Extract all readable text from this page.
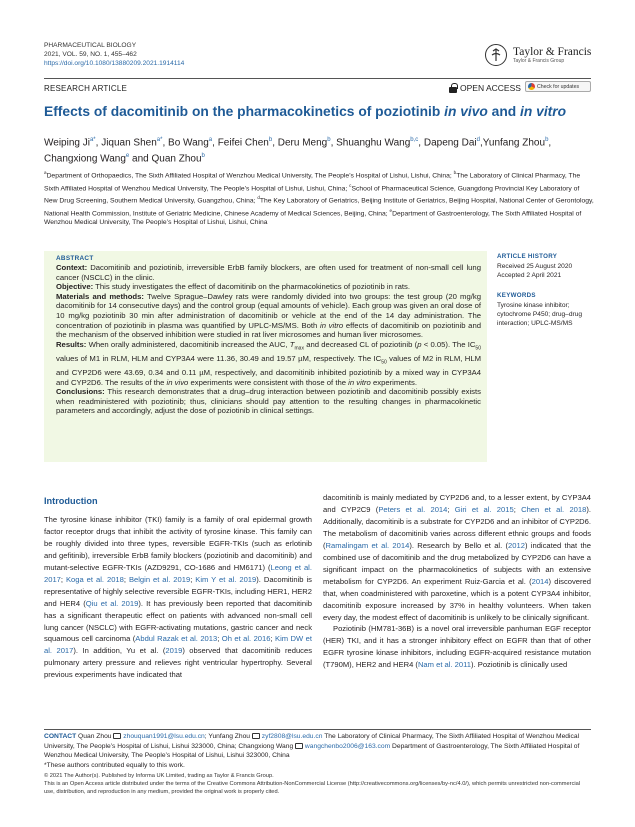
PHARMACEUTICAL BIOLOGY
2021, VOL. 59, NO. 1, 455–462
https://doi.org/10.1080/13880209.2021.1914114
Taylor & Francis
Taylor & Francis Group
RESEARCH ARTICLE	OPEN ACCESS	Check for updates
Effects of dacomitinib on the pharmacokinetics of poziotinib in vivo and in vitro
Weiping $Ji^{a*}$, Jiquan Shen$^{a*}$, Bo Wang$^a$, Feifei Chen$^b$, Deru Meng$^b$, Shuanghu Wang$^{b,c}$, Dapeng Dai$^d$,Yunfang Zhou$^b$, Changxiong Wang$^e$ and Quan Zhou$^b$
$^a$Department of Orthopaedics, The Sixth Affiliated Hospital of Wenzhou Medical University, The People’s Hospital of Lishui, Lishui, China; $^b$The Laboratory of Clinical Pharmacy, The Sixth Affiliated Hospital of Wenzhou Medical University, The People’s Hospital of Lishui, Lishui, China; $^c$School of Pharmaceutical Science, Guangdong Provincial Key Laboratory of New Drug Screening, Southern Medical University, Guangzhou, China; $^d$The Key Laboratory of Geriatrics, Beijing Institute of Geriatrics, Beijing Hospital, National Center of Gerontology, National Health Commission, Institute of Geriatric Medicine, Chinese Academy of Medical Sciences, Beijing, China; $^e$Department of Gastroenterology, The Sixth Affiliated Hospital of Wenzhou Medical University, The People’s Hospital of Lishui, Lishui, China
ABSTRACT

Context: Dacomitinib and poziotinib, irreversible ErbB family blockers, are often used for treatment of non-small cell lung cancer (NSCLC) in the clinic.

Objective: This study investigates the effect of dacomitinib on the pharmacokinetics of poziotinib in rats.

Materials and methods: Twelve Sprague–Dawley rats were randomly divided into two groups: the test group (20 mg/kg dacomitinib for 14 consecutive days) and the control group (equal amounts of vehicle). Each group was given an oral dose of 10 mg/kg poziotinib 30 min after administration of dacomitinib or vehicle at the end of the 14 day administration. The concentration of poziotinib in plasma was quantified by UPLC-MS/MS. Both in vitro effects of dacomitinib on poziotinib and the mechanism of the observed inhibition were studied in rat liver microsomes and human liver microsomes.

Results: When orally administered, dacomitinib increased the AUC, $T_{max}$ and decreased CL of poziotinib (p < 0.05). The $IC_{50}$ values of M1 in RLM, HLM and CYP3A4 were 11.36, 30.49 and 19.57 µM, respectively. The $IC_{50}$ values of M2 in RLM, HLM and CYP2D6 were 43.69, 0.34 and 0.11 µM, respectively, and dacomitinib inhibited poziotinib by a mixed way in CYP3A4 and CYP2D6. The results of the in vivo experiments were consistent with those of the in vitro experiments.

Conclusions: This research demonstrates that a drug–drug interaction between poziotinib and dacomitinib possibly exists when readministered with poziotinib; thus, clinicians should pay attention to the resulting changes in pharmacokinetic parameters and accordingly, adjust the dose of poziotinib in clinical settings.

ARTICLE HISTORY
Received 25 August 2020
Accepted 2 April 2021
KEYWORDS
Tyrosine kinase inhibitor; cytochrome P450; drug–drug interaction; UPLC-MS/MS
Introduction

The tyrosine kinase inhibitor (TKI) family is a family of oral epidermal growth factor receptor drugs that inhibit the activity of tyrosine kinase. This family can be roughly divided into three types, reversible EGFR-TKIs (such as erlotinib and gefitinib), irreversible ErbB family blockers (poziotinib and dacomitinib) and mutant-selective EGFR-TKIs (AZD9291, CO-1686 and HM6171) (Leong et al. 2017; Koga et al. 2018; Belgin et al. 2019; Kim Y et al. 2019). Dacomitinib is representative of highly selective reversible EGFR-TKIs, including HER1, HER2 and HER4 (Qiu et al. 2019). It has previously been reported that dacomitinib has a significant therapeutic effect on patients with advanced non-small cell lung cancer (NSCLC) with EGFR-activating mutations, gastric cancer and neck squamous cell carcinoma (Abdul Razak et al. 2013; Oh et al. 2016; Kim DW et al. 2017). In addition, Yu et al. (2019) observed that dacomitinib reduces pulmonary artery pressure and relieves right ventricular hypertrophy. Several previous experiments have indicated that

dacomitinib is mainly mediated by CYP2D6 and, to a lesser extent, by CYP3A4 and CYP2C9 (Peters et al. 2014; Giri et al. 2015; Chen et al. 2018). Additionally, dacomitinib is a substrate for CYP2D6 and an inhibitor of CYP2D6. The metabolism of dacomitinib varies across different ethnic groups and foods (Ramalingam et al. 2014). Research by Bello et al. (2012) indicated that the combined use of dacomitinib and the drug metabolized by CYP2D6 can have a significant impact on the pharmacokinetics of subjects with an extensive metabolism for CYP2D6. An experiment Ruiz-Garcia et al. (2014) discovered that, when coadministered with paroxetine, which is a potent CYP3A4 inhibitor, dacomitinib exposure increased by 37% in healthy volunteers. When taken every day, the modest effect of dacomitinib is unlikely to be clinically significant.

Poziotinib (HM781-36B) is a novel oral irreversible panhuman EGF receptor (HER) TKI, and it has a stronger inhibitory effect on EGFR than that of other EGFR tyrosine kinase inhibitors, including EGFR-acquired resistance mutation (T790M), HER2 and HER4 (Nam et al. 2011). Poziotinib is clinically used

CONTACT Quan Zhou  zhouquan1991@lsu.edu.cn; Yunfang Zhou  zyf2808@lsu.edu.cn The Laboratory of Clinical Pharmacy, The Sixth Affiliated Hospital of Wenzhou Medical University, The People’s Hospital of Lishui, Lishui 323000, China; Changxiong Wang  wangchenbo2006@163.com Department of Gastroenterology, The Sixth Affiliated Hospital of Wenzhou Medical University, The People’s Hospital of Lishui, Lishui 323000, China
*These authors contributed equally to this work.
© 2021 The Author(s). Published by Informa UK Limited, trading as Taylor & Francis Group.
This is an Open Access article distributed under the terms of the Creative Commons Attribution-NonCommercial License (http://creativecommons.org/licenses/by-nc/4.0/), which permits unrestricted non-commercial use, distribution, and reproduction in any medium, provided the original work is properly cited.
